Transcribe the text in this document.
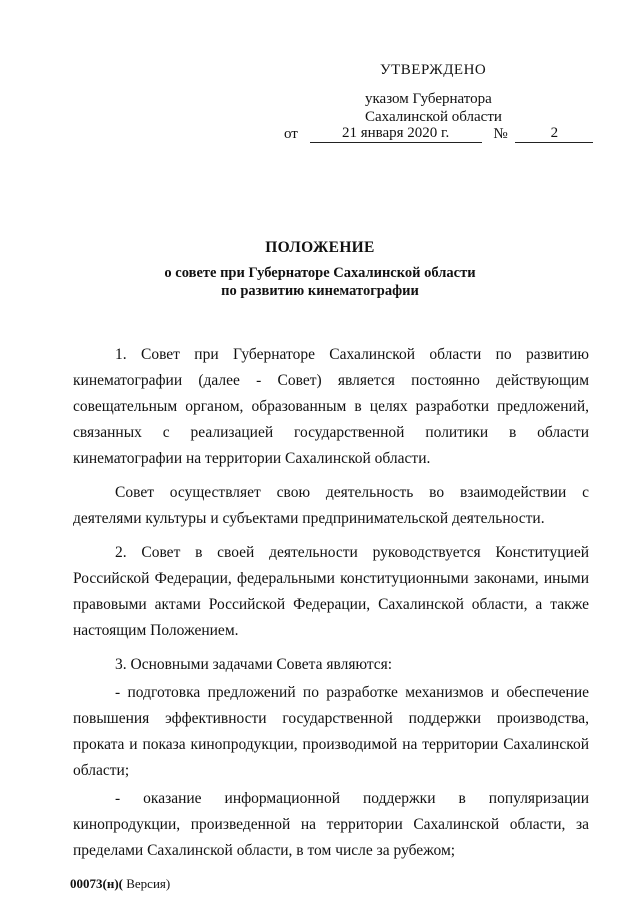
УТВЕРЖДЕНО
указом Губернатора
Сахалинской области
от	21 января 2020 г.	№	2
ПОЛОЖЕНИЕ
о совете при Губернаторе Сахалинской области
по развитию кинематографии

1. Совет при Губернаторе Сахалинской области по развитию кинематографии (далее - Совет) является постоянно действующим совещательным органом, образованным в целях разработки предложений, связанных с реализацией государственной политики в области кинематографии на территории Сахалинской области.

Совет осуществляет свою деятельность во взаимодействии с деятелями культуры и субъектами предпринимательской деятельности.

2. Совет в своей деятельности руководствуется Конституцией Российской Федерации, федеральными конституционными законами, иными правовыми актами Российской Федерации, Сахалинской области, а также настоящим Положением.

3. Основными задачами Совета являются:

- подготовка предложений по разработке механизмов и обеспечение повышения эффективности государственной поддержки производства, проката и показа кинопродукции, производимой на территории Сахалинской области;

- оказание информационной поддержки в популяризации кинопродукции, произведенной на территории Сахалинской области, за пределами Сахалинской области, в том числе за рубежом;

00073(н)( Версия)
